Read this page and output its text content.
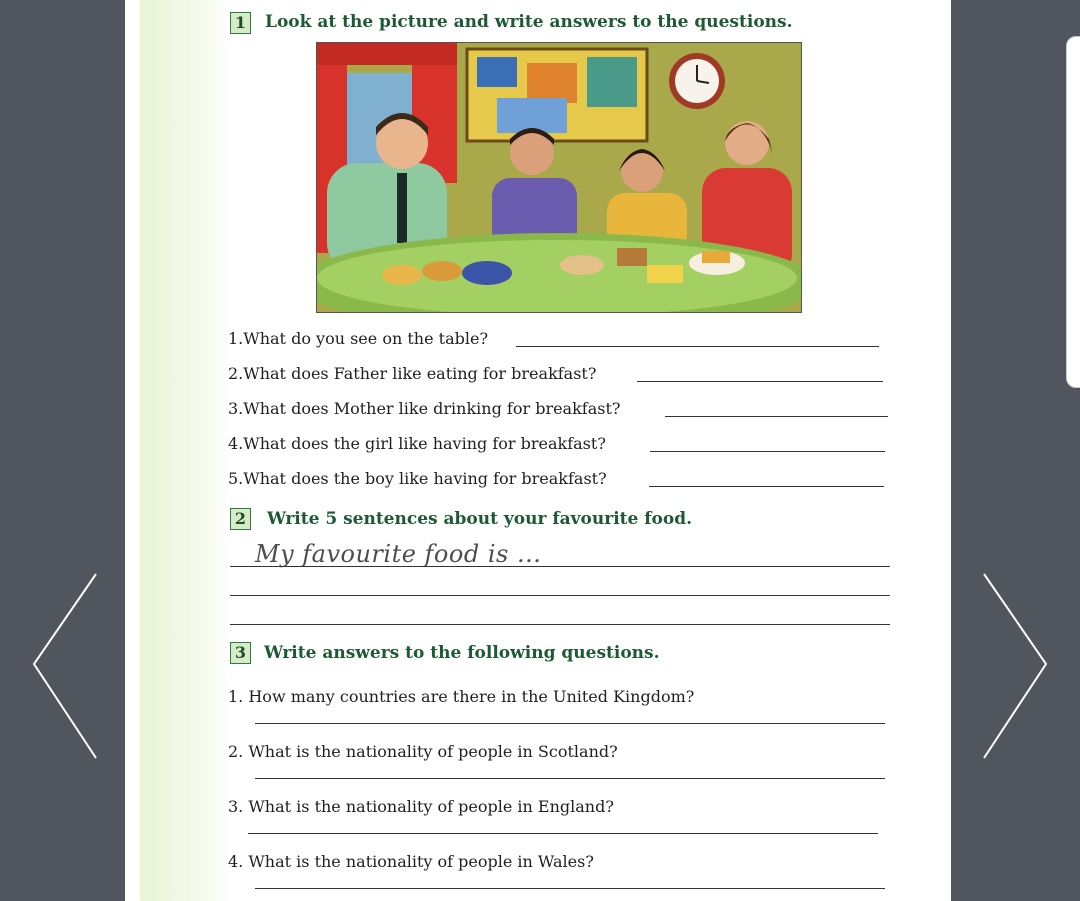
1 Look at the picture and write answers to the questions.
1.What do you see on the table?
2.What does Father like eating for breakfast?
3.What does Mother like drinking for breakfast?
4.What does the girl like having for breakfast?
5.What does the boy like having for breakfast?
2 Write 5 sentences about your favourite food.
My favourite food is ...
3 Write answers to the following questions.
1. How many countries are there in the United Kingdom?
2. What is the nationality of people in Scotland?
3. What is the nationality of people in England?
4. What is the nationality of people in Wales?
